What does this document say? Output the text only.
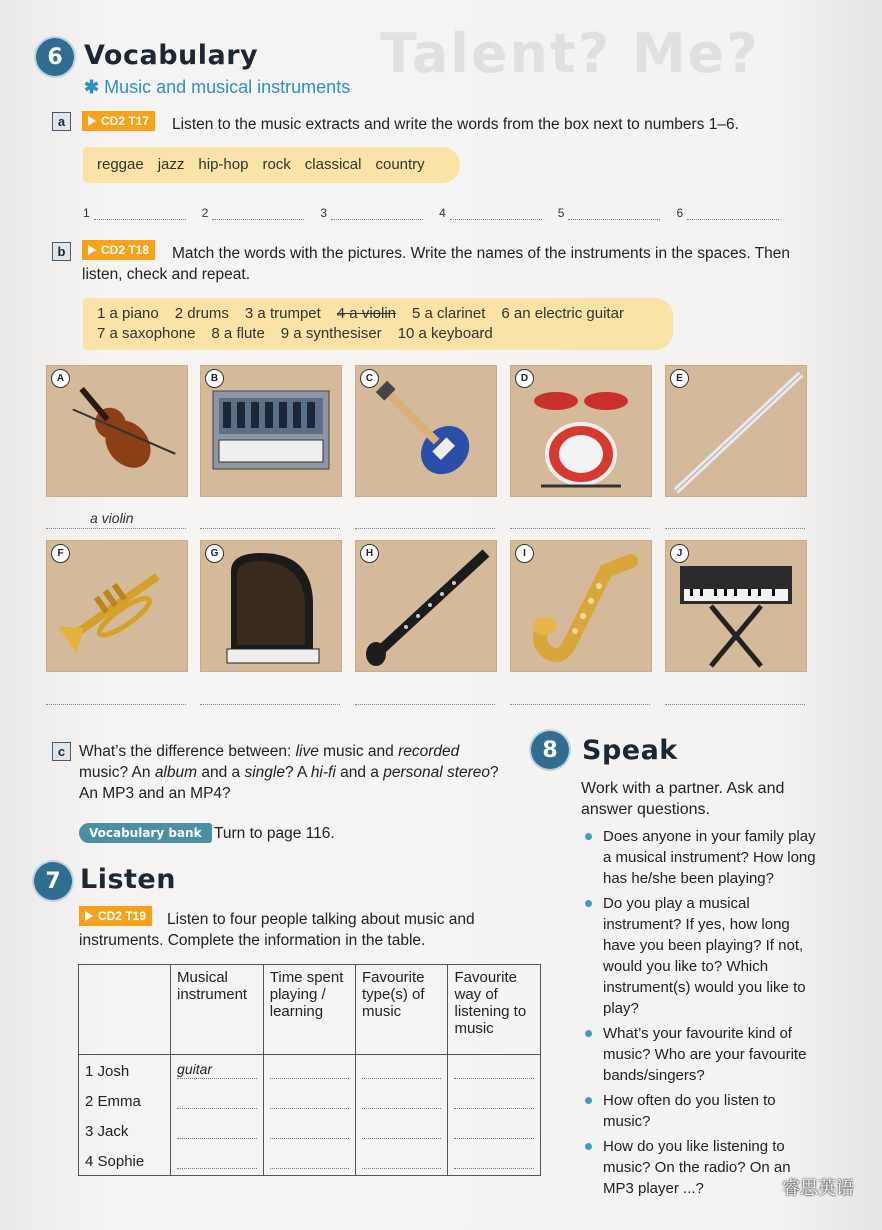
Talent? Me?
6 Vocabulary
✱ Music and musical instruments
a	CD2 T17 Listen to the music extracts and write the words from the box next to numbers 1–6.
reggae jazz hip-hop rock classical country
1	2	3	4	5	6
b	CD2 T18	Match the words with the pictures. Write the names of the instruments in the spaces. Then listen, check and repeat.
1 a piano 2 drums 3 a trumpet 4 a violin 5 a clarinet 6 an electric guitar
7 a saxophone 8 a flute 9 a synthesiser 10 a keyboard
A
a violin
B	C	D	E
F	G	H	I	J
c What’s the difference between: live music and recorded music? An album and a single? A hi-fi and a personal stereo? An MP3 and an MP4?
Vocabulary bank Turn to page 116.
7 Listen
CD2 T19	Listen to four people talking about music and instruments. Complete the information in the table.
	Musical instrument	Time spent playing / learning	Favourite type(s) of music	Favourite way of listening to music
1 Josh	guitar			

2 Emma	

3 Jack	

4 Sophie	

8 Speak
Work with a partner. Ask and answer questions.
Does anyone in your family play a musical instrument? How long has he/she been playing?
Do you play a musical instrument? If yes, how long have you been playing? If not, would you like to? Which instrument(s) would you like to play?
What’s your favourite kind of music? Who are your favourite bands/singers?
How often do you listen to music?
How do you like listening to music? On the radio? On an MP3 player ...?	睿思英语
